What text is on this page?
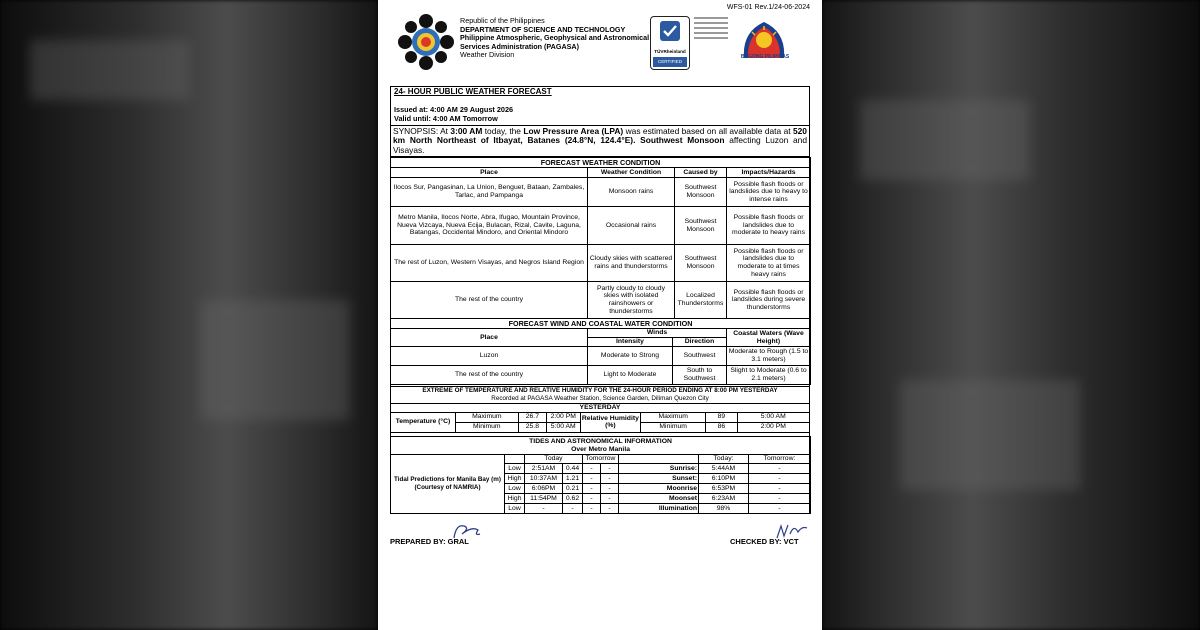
WFS-01 Rev.1/24-06-2024
Republic of the Philippines
DEPARTMENT OF SCIENCE AND TECHNOLOGY
Philippine Atmospheric, Geophysical and Astronomical
Services Administration (PAGASA)
Weather Division	TÜVRheinland
CERTIFIED
BAGONG PILIPINAS
24- HOUR PUBLIC WEATHER FORECAST
Issued at: 4:00 AM 29 August 2026
Valid until: 4:00 AM Tomorrow
SYNOPSIS: At 3:00 AM today, the Low Pressure Area (LPA) was estimated based on all available data at 520 km North Northeast of Itbayat, Batanes (24.8°N, 124.4°E). Southwest Monsoon affecting Luzon and Visayas.
FORECAST WEATHER CONDITION			
Place	Weather Condition	Caused by	Impacts/Hazards
Ilocos Sur, Pangasinan, La Union, Benguet, Bataan, Zambales, Tarlac, and Pampanga	Monsoon rains	Southwest Monsoon	Possible flash floods or landslides due to heavy to intense rains
Metro Manila, Ilocos Norte, Abra, Ifugao, Mountain Province, Nueva Vizcaya, Nueva Ecija, Bulacan, Rizal, Cavite, Laguna, Batangas, Occidental Mindoro, and Oriental Mindoro	Occasional rains	Southwest Monsoon	Possible flash floods or landslides due to moderate to heavy rains
The rest of Luzon, Western Visayas, and Negros Island Region	Cloudy skies with scattered rains and thunderstorms	Southwest Monsoon	Possible flash floods or landslides due to moderate to at times heavy rains
The rest of the country	Partly cloudy to cloudy skies with isolated rainshowers or thunderstorms	Localized Thunderstorms	Possible flash floods or landslides during severe thunderstorms
FORECAST WIND AND COASTAL WATER CONDITION			
Place	Winds		Coastal Waters (Wave Height)
	Intensity	Direction	
Luzon	Moderate to Strong	Southwest	Moderate to Rough (1.5 to 3.1 meters)
The rest of the country	Light to Moderate	South to Southwest	Slight to Moderate (0.6 to 2.1 meters)
EXTREME OF TEMPERATURE AND RELATIVE HUMIDITY FOR THE 24-HOUR PERIOD ENDING AT 8:00 PM YESTERDAY
Recorded at PAGASA Weather Station, Science Garden, Diliman Quezon City							

YESTERDAY							
Temperature (°C)	Maximum	26.7	2:00 PM	Relative Humidity (%)	Maximum	89	5:00 AM
	Minimum	25.8	5:00 AM		Minimum	86	2:00 PM
TIDES AND ASTRONOMICAL INFORMATION
Over Metro Manila								

Tidal Predictions for Manila Bay (m) (Courtesy of NAMRIA)		Today		Tomorrow			Today:	Tomorrow:
	Low	2:51AM	0.44	-	-	Sunrise:	5:44AM	-
	High	10:37AM	1.21	-	-	Sunset:	6:10PM	-
	Low	6:06PM	0.21	-	-	Moonrise	6:53PM	-
	High	11:54PM	0.62	-	-	Moonset	6:23AM	-
	Low	-	-	-	-	Illumination	98%	-
PREPARED BY: GRAL	CHECKED BY: VCT
